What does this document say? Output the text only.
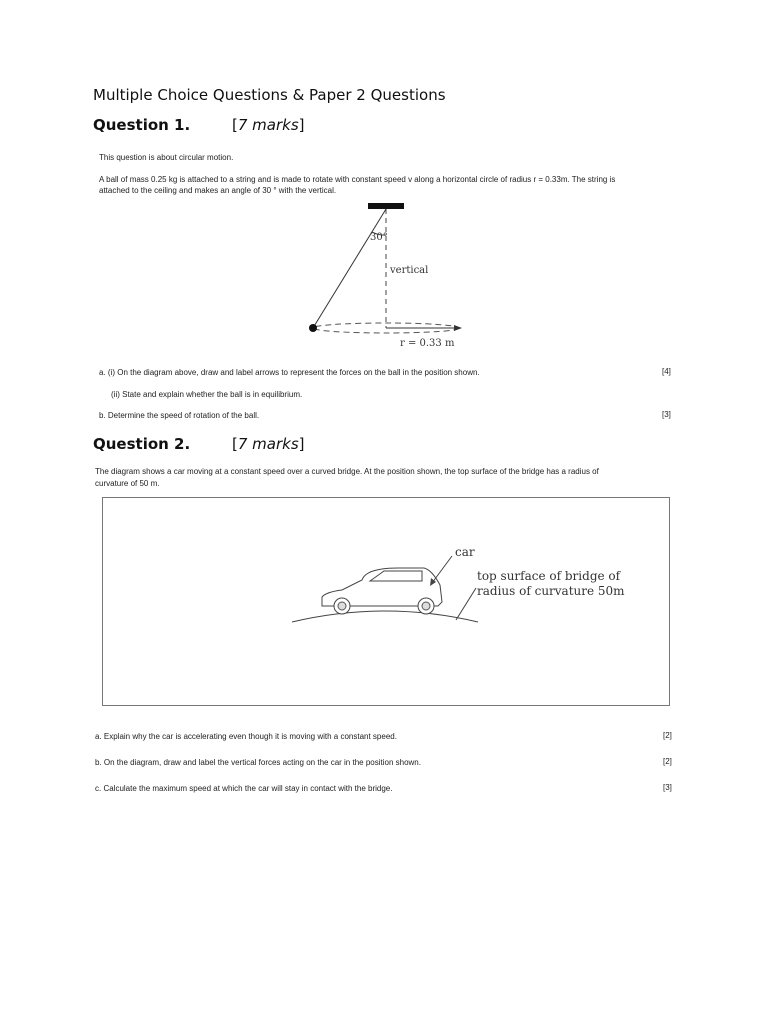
Multiple Choice Questions & Paper 2 Questions
Question 1.	[7 marks]
This question is about circular motion.
A ball of mass 0.25 kg is attached to a string and is made to rotate with constant speed v along a horizontal circle of radius r = 0.33m. The string is
attached to the ceiling and makes an angle of 30 ° with the vertical.
30°
vertical
r = 0.33 m
a. (i) On the diagram above, draw and label arrows to represent the forces on the ball in the position shown.	[4]
(ii) State and explain whether the ball is in equilibrium.
b. Determine the speed of rotation of the ball.	[3]
Question 2.	[7 marks]
The diagram shows a car moving at a constant speed over a curved bridge. At the position shown, the top surface of the bridge has a radius of
curvature of 50 m.
car
top surface of bridge of
radius of curvature 50m
a. Explain why the car is accelerating even though it is moving with a constant speed.	[2]
b. On the diagram, draw and label the vertical forces acting on the car in the position shown.	[2]
c. Calculate the maximum speed at which the car will stay in contact with the bridge.	[3]
